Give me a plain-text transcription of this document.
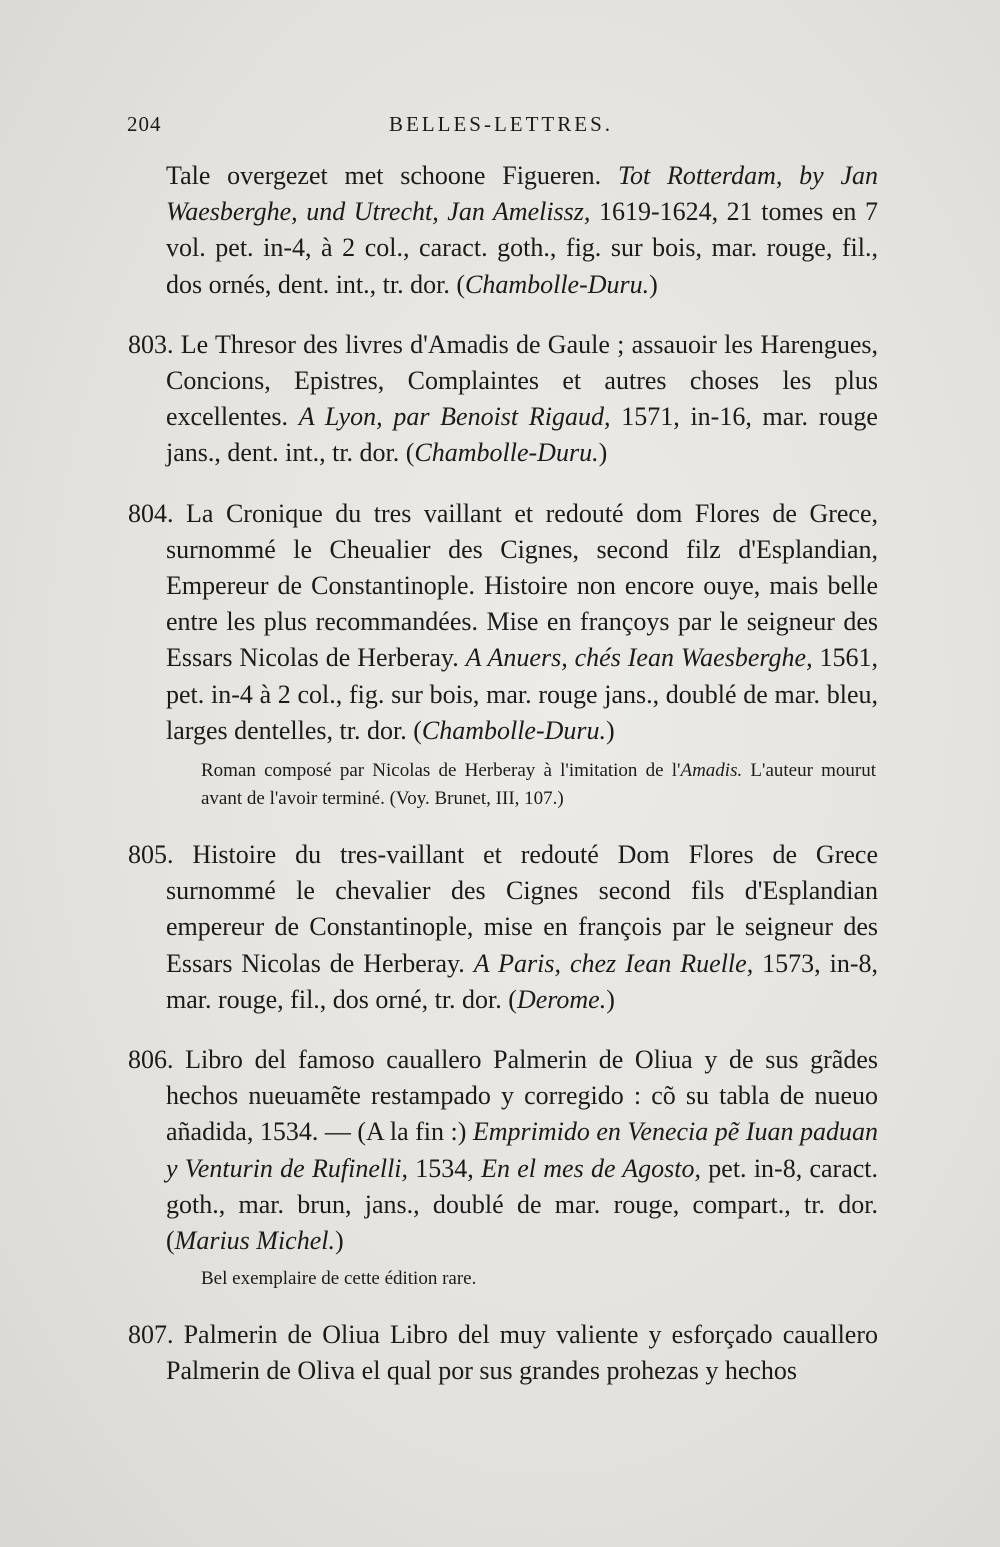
204	BELLES-LETTRES.

Tale overgezet met schoone Figueren. Tot Rotterdam, by Jan Waesberghe, und Utrecht, Jan Amelissz, 1619-1624, 21 tomes en 7 vol. pet. in-4, à 2 col., caract. goth., fig. sur bois, mar. rouge, fil., dos ornés, dent. int., tr. dor. (Chambolle-Duru.)

803. Le Thresor des livres d'Amadis de Gaule ; assauoir les Harengues, Concions, Epistres, Complaintes et autres choses les plus excellentes. A Lyon, par Benoist Rigaud, 1571, in-16, mar. rouge jans., dent. int., tr. dor. (Chambolle-Duru.)

804. La Cronique du tres vaillant et redouté dom Flores de Grece, surnommé le Cheualier des Cignes, second filz d'Esplandian, Empereur de Constantinople. Histoire non encore ouye, mais belle entre les plus recommandées. Mise en françoys par le seigneur des Essars Nicolas de Herberay. A Anuers, chés Iean Waesberghe, 1561, pet. in-4 à 2 col., fig. sur bois, mar. rouge jans., doublé de mar. bleu, larges dentelles, tr. dor. (Chambolle-Duru.)

Roman composé par Nicolas de Herberay à l'imitation de l'Amadis. L'auteur mourut avant de l'avoir terminé. (Voy. Brunet, III, 107.)

805. Histoire du tres-vaillant et redouté Dom Flores de Grece surnommé le chevalier des Cignes second fils d'Esplandian empereur de Constantinople, mise en françois par le seigneur des Essars Nicolas de Herberay. A Paris, chez Iean Ruelle, 1573, in-8, mar. rouge, fil., dos orné, tr. dor. (Derome.)

806. Libro del famoso cauallero Palmerin de Oliua y de sus grãdes hechos nueuamẽte restampado y corregido : cõ su tabla de nueuo añadida, 1534. — (A la fin :) Emprimido en Venecia pẽ Iuan paduan y Venturin de Rufinelli, 1534, En el mes de Agosto, pet. in-8, caract. goth., mar. brun, jans., doublé de mar. rouge, compart., tr. dor. (Marius Michel.)

Bel exemplaire de cette édition rare.

807. Palmerin de Oliua Libro del muy valiente y esforçado cauallero Palmerin de Oliva el qual por sus grandes prohezas y hechos
